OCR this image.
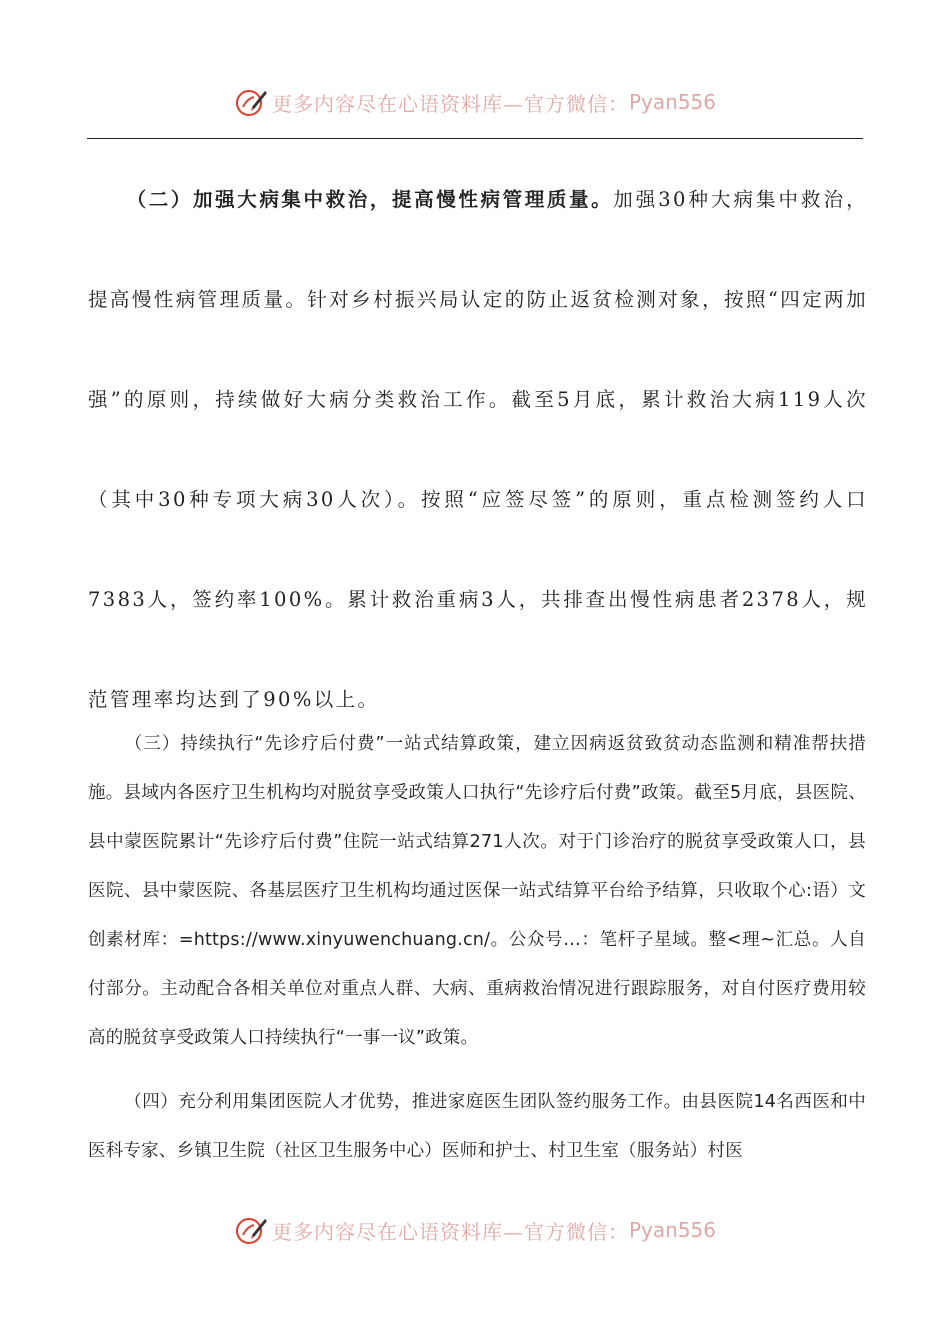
更多内容尽在心语资料库—官方微信： Pyan556

（二）加强大病集中救治，提高慢性病管理质量。加强30种大病集中救治，提高慢性病管理质量。针对乡村振兴局认定的防止返贫检测对象，按照“四定两加强”的原则，持续做好大病分类救治工作。截至5月底，累计救治大病119人次（其中30种专项大病30人次）。按照“应签尽签”的原则，重点检测签约人口7383人，签约率100%。累计救治重病3人，共排查出慢性病患者2378人，规范管理率均达到了90%以上。

（三）持续执行“先诊疗后付费”一站式结算政策，建立因病返贫致贫动态监测和精准帮扶措施。县域内各医疗卫生机构均对脱贫享受政策人口执行“先诊疗后付费”政策。截至5月底，县医院、县中蒙医院累计“先诊疗后付费”住院一站式结算271人次。对于门诊治疗的脱贫享受政策人口，县医院、县中蒙医院、各基层医疗卫生机构均通过医保一站式结算平台给予结算，只收取个心:语）文创素材库：=https://www.xinyuwenchuang.cn/。公众号…：笔杆子星域。整<理~汇总。人自付部分。主动配合各相关单位对重点人群、大病、重病救治情况进行跟踪服务，对自付医疗费用较高的脱贫享受政策人口持续执行“一事一议”政策。

（四）充分利用集团医院人才优势，推进家庭医生团队签约服务工作。由县医院14名西医和中医科专家、乡镇卫生院（社区卫生服务中心）医师和护士、村卫生室（服务站）村医

更多内容尽在心语资料库—官方微信： Pyan556
